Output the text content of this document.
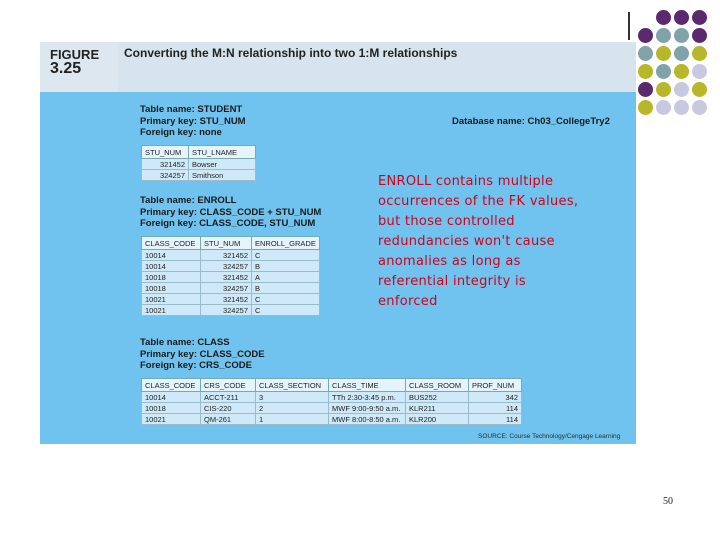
FIGURE
3.25
Converting the M:N relationship into two 1:M relationships
Table name: STUDENT
Primary key: STU_NUM
Foreign key: none
Database name: Ch03_CollegeTry2
STU_NUM	STU_LNAME
321452	Bowser
324257	Smithson
Table name: ENROLL
Primary key: CLASS_CODE + STU_NUM
Foreign key: CLASS_CODE, STU_NUM
CLASS_CODE	STU_NUM	ENROLL_GRADE
10014	321452	C
10014	324257	B
10018	321452	A
10018	324257	B
10021	321452	C
10021	324257	C
Table name: CLASS
Primary key: CLASS_CODE
Foreign key: CRS_CODE
CLASS_CODE	CRS_CODE	CLASS_SECTION	CLASS_TIME	CLASS_ROOM	PROF_NUM
10014	ACCT-211	3	TTh 2:30-3:45 p.m.	BUS252	342
10018	CIS-220	2	MWF 9:00-9:50 a.m.	KLR211	114
10021	QM-261	1	MWF 8:00-8:50 a.m.	KLR200	114
SOURCE: Course Technology/Cengage Learning
ENROLL contains multiple occurrences of the FK values, but those controlled redundancies won't cause anomalies as long as referential integrity is enforced
50
